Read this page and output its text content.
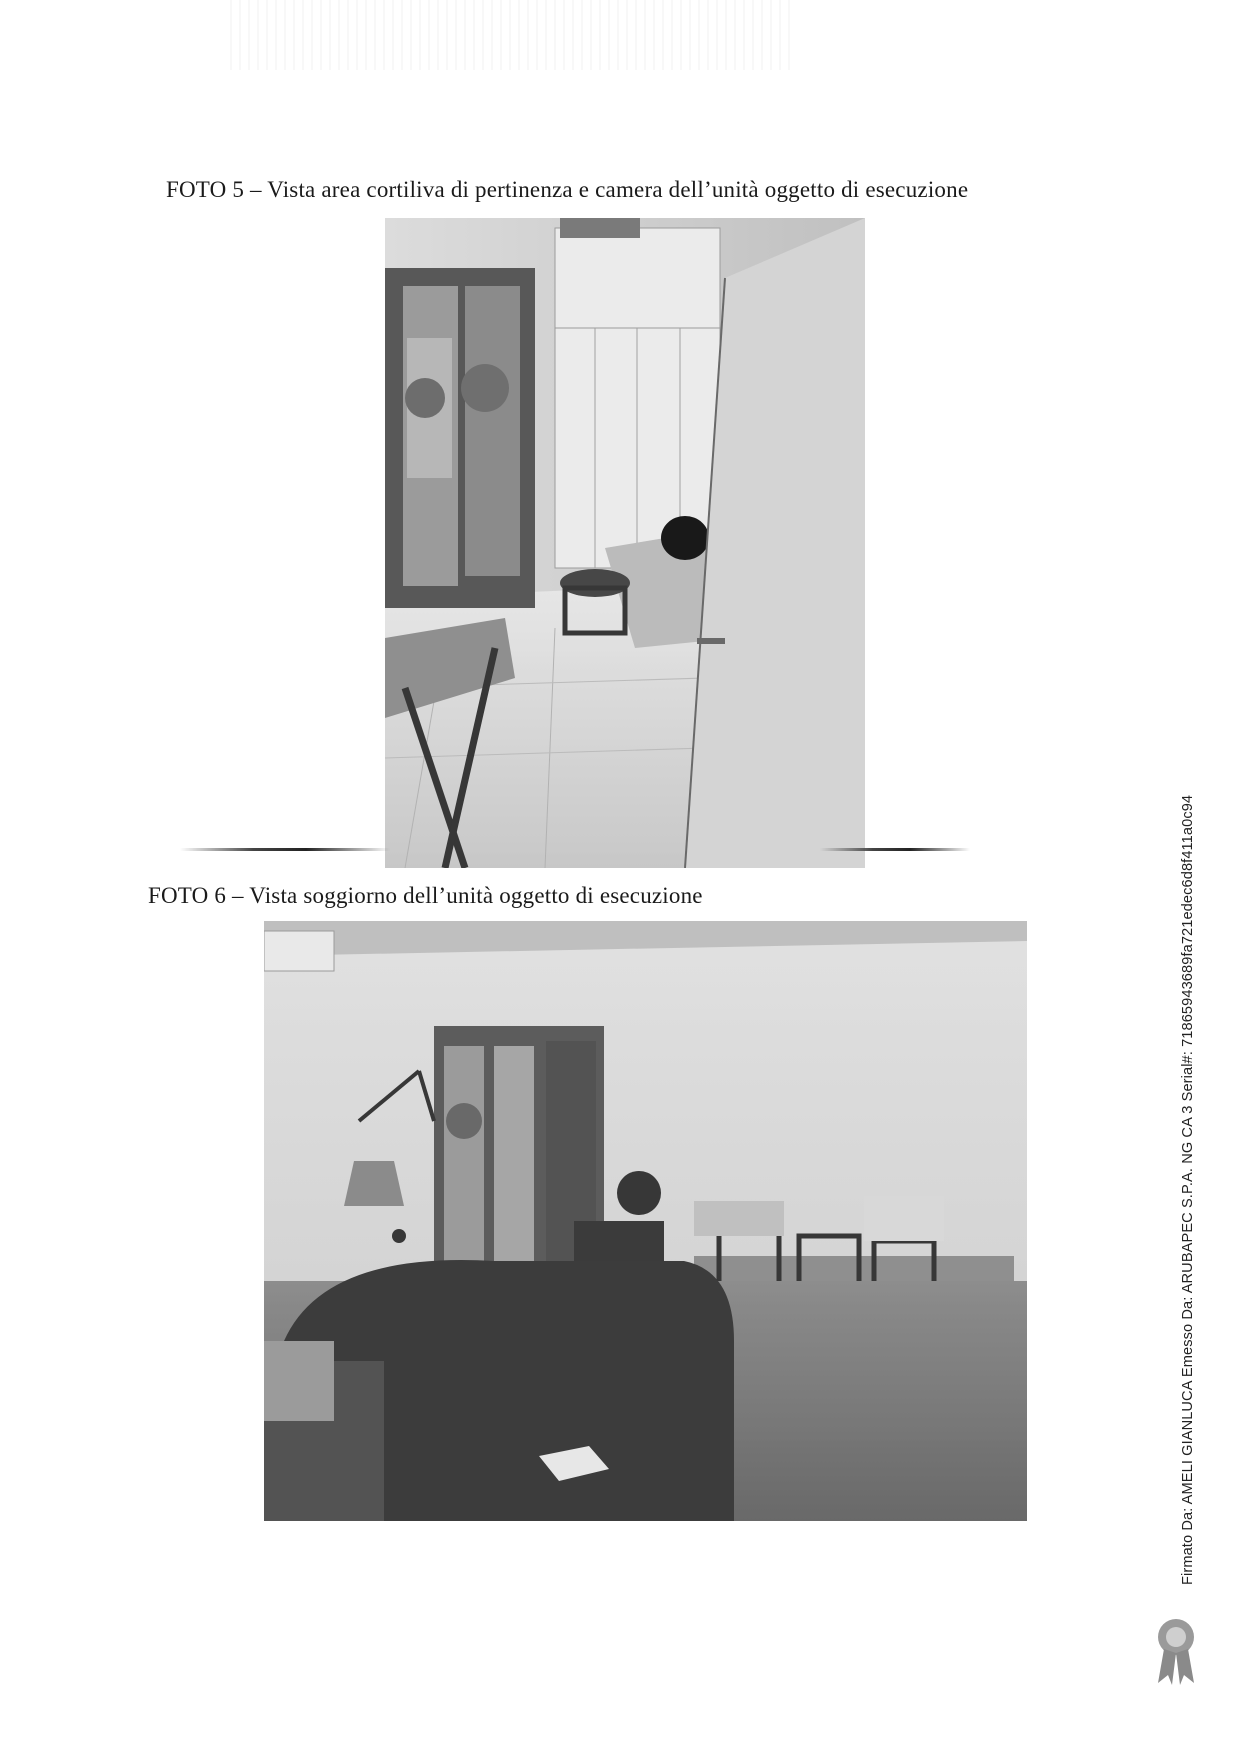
FOTO 5 – Vista area cortiliva di pertinenza e camera dell’unità oggetto di esecuzione
FOTO 6 – Vista soggiorno dell’unità oggetto di esecuzione	Firmato Da: AMELI GIANLUCA Emesso Da: ARUBAPEC S.P.A. NG CA 3 Serial#: 71865943689fa721edec6d8f411a0c94
